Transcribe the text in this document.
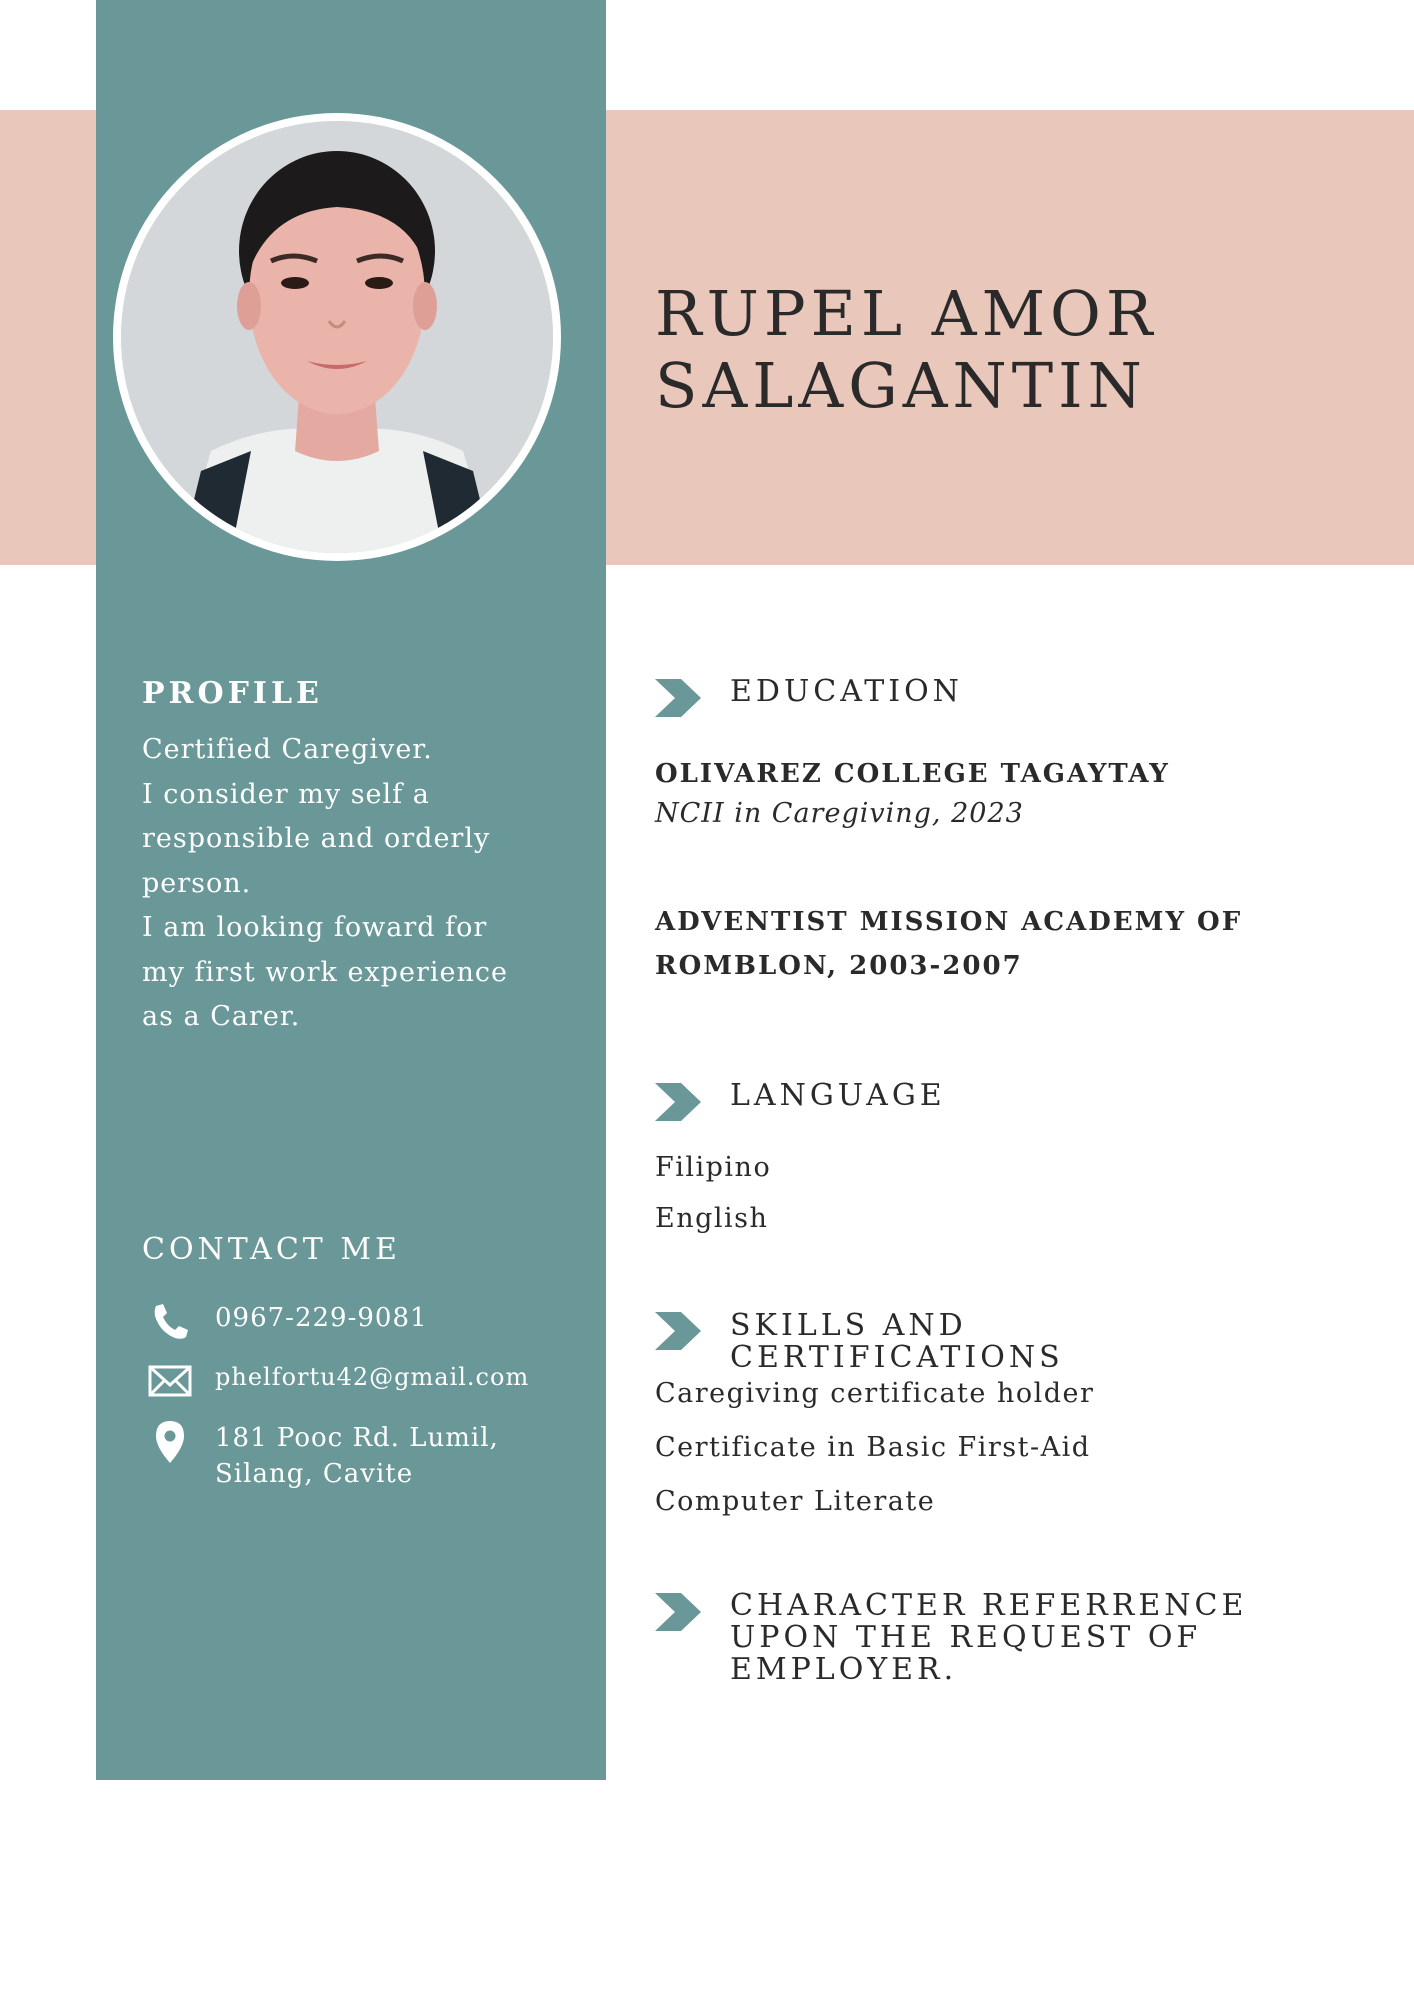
RUPEL AMOR
SALAGANTIN
PROFILE
Certified Caregiver.
I consider my self a
responsible and orderly
person.
I am looking foward for
my first work experience
as a Carer.
CONTACT ME
0967-229-9081
phelfortu42@gmail.com
181 Pooc Rd. Lumil,
Silang, Cavite
EDUCATION
OLIVAREZ COLLEGE TAGAYTAY
NCII in Caregiving, 2023
ADVENTIST MISSION ACADEMY OF
ROMBLON, 2003-2007
LANGUAGE
Filipino
English
SKILLS AND
CERTIFICATIONS
Caregiving certificate holder
Certificate in Basic First-Aid
Computer Literate
CHARACTER REFERRENCE
UPON THE REQUEST OF
EMPLOYER.
